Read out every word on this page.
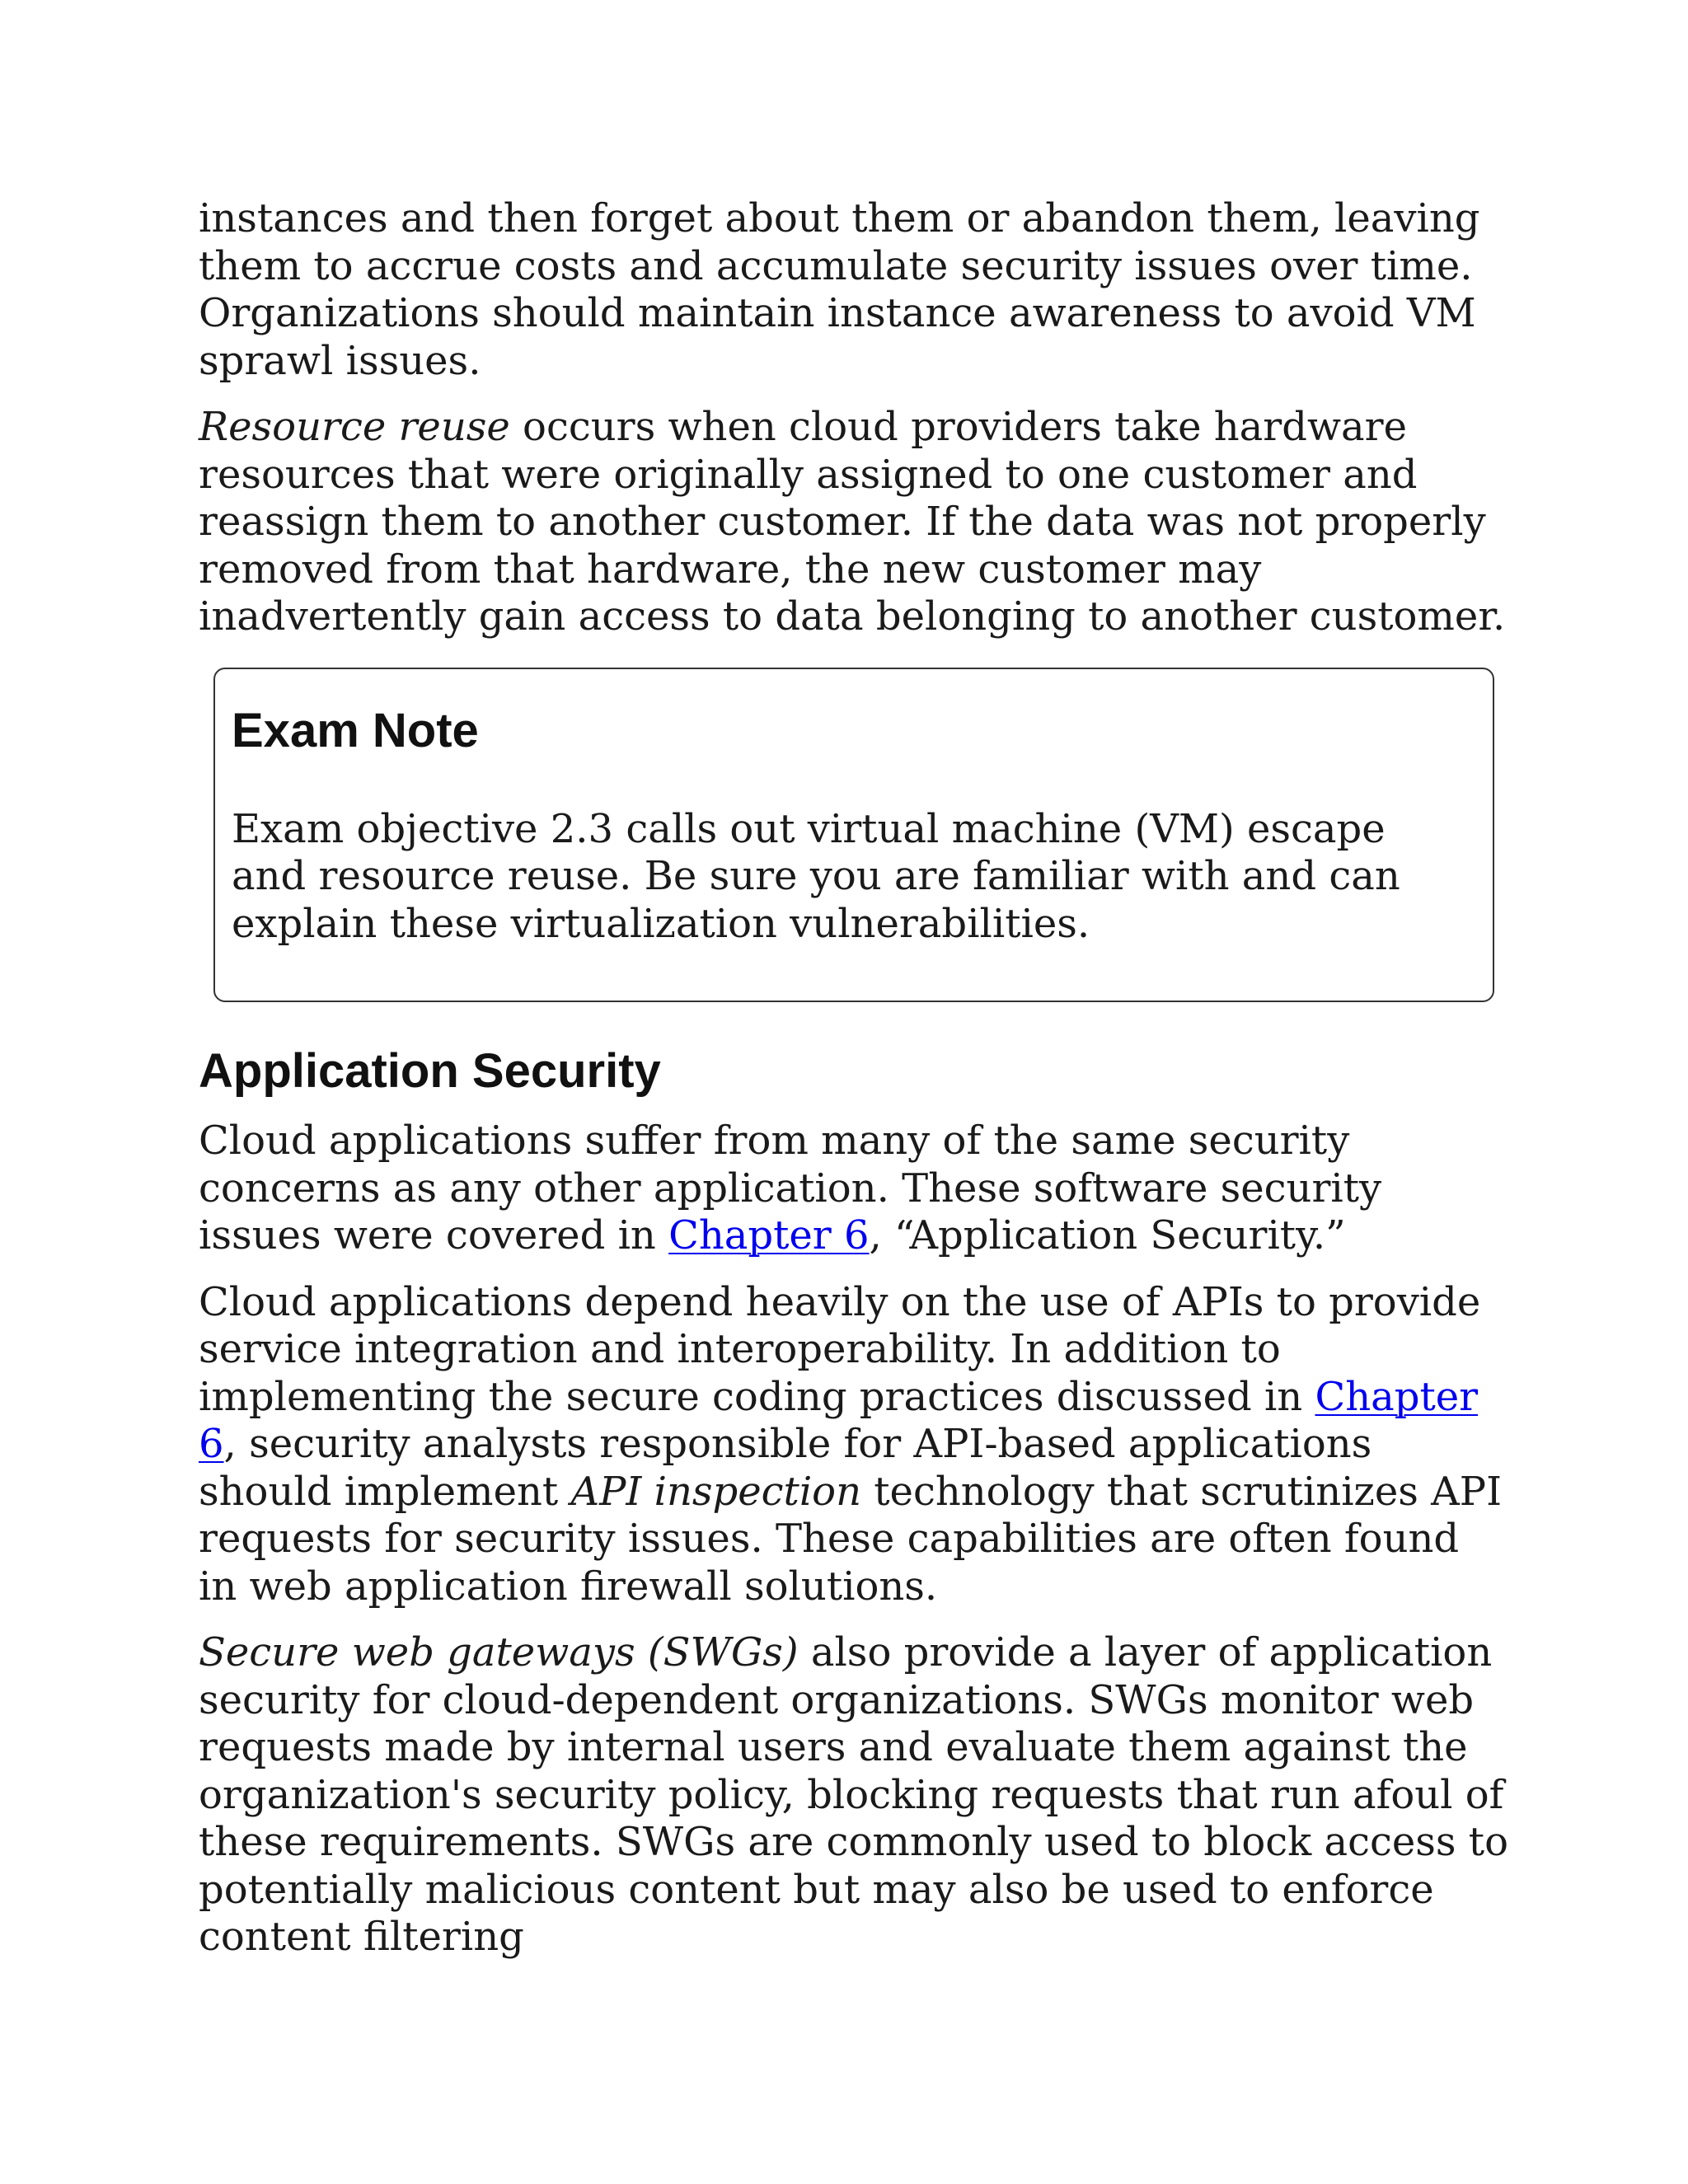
instances and then forget about them or abandon them, leaving them to accrue costs and accumulate security issues over time. Organizations should maintain instance awareness to avoid VM sprawl issues.

Resource reuse occurs when cloud providers take hardware resources that were originally assigned to one customer and reassign them to another customer. If the data was not properly removed from that hardware, the new customer may inadvertently gain access to data belonging to another customer.

Exam Note

Exam objective 2.3 calls out virtual machine (VM) escape and resource reuse. Be sure you are familiar with and can explain these virtualization vulnerabilities.

Application Security

Cloud applications suffer from many of the same security concerns as any other application. These software security issues were covered in Chapter 6, “Application Security.”

Cloud applications depend heavily on the use of APIs to provide service integration and interoperability. In addition to implementing the secure coding practices discussed in Chapter 6, security analysts responsible for API-based applications should implement API inspection technology that scrutinizes API requests for security issues. These capabilities are often found in web application firewall solutions.

Secure web gateways (SWGs) also provide a layer of application security for cloud-dependent organizations. SWGs monitor web requests made by internal users and evaluate them against the organization's security policy, blocking requests that run afoul of these requirements. SWGs are commonly used to block access to potentially malicious content but may also be used to enforce content filtering
